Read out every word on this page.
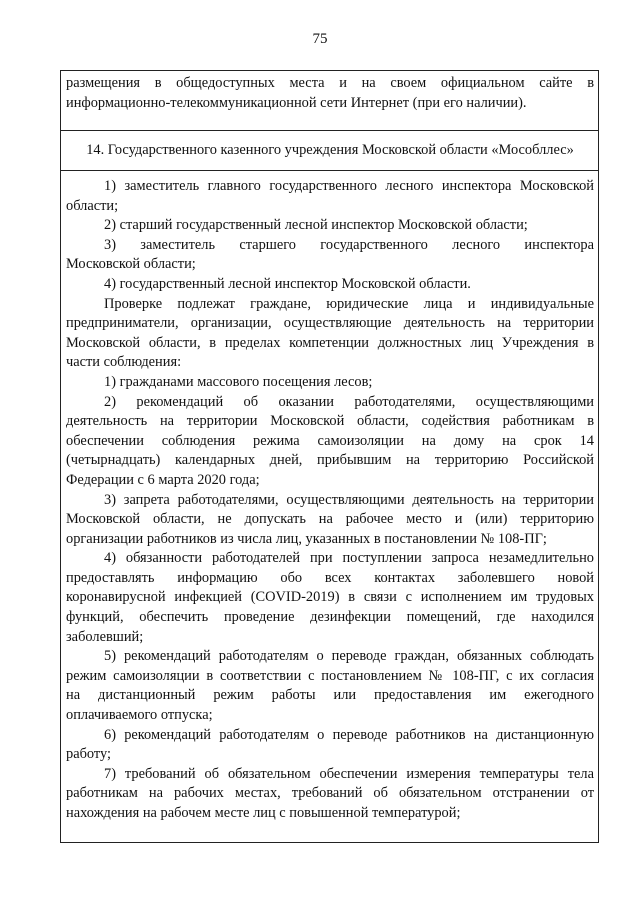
75
размещения в общедоступных места и на своем официальном сайте в
информационно-телекоммуникационной сети Интернет (при его наличии).
14. Государственного казенного учреждения Московской области «Мособллес»
1) заместитель главного государственного лесного инспектора Московской
области;
2) старший государственный лесной инспектор Московской области;
3) заместитель старшего государственного лесного инспектора
Московской области;
4) государственный лесной инспектор Московской области.
Проверке подлежат граждане, юридические лица и индивидуальные
предприниматели, организации, осуществляющие деятельность на территории
Московской области, в пределах компетенции должностных лиц Учреждения в
части соблюдения:
1) гражданами массового посещения лесов;
2) рекомендаций об оказании работодателями, осуществляющими
деятельность на территории Московской области, содействия работникам в
обеспечении соблюдения режима самоизоляции на дому на срок 14
(четырнадцать) календарных дней, прибывшим на территорию Российской
Федерации с 6 марта 2020 года;
3) запрета работодателями, осуществляющими деятельность на территории
Московской области, не допускать на рабочее место и (или) территорию
организации работников из числа лиц, указанных в постановлении № 108-ПГ;
4) обязанности работодателей при поступлении запроса незамедлительно
предоставлять информацию обо всех контактах заболевшего новой
коронавирусной инфекцией (COVID-2019) в связи с исполнением им трудовых
функций, обеспечить проведение дезинфекции помещений, где находился
заболевший;
5) рекомендаций работодателям о переводе граждан, обязанных соблюдать
режим самоизоляции в соответствии с постановлением № 108-ПГ, с их согласия
на дистанционный режим работы или предоставления им ежегодного
оплачиваемого отпуска;
6) рекомендаций работодателям о переводе работников на дистанционную
работу;
7) требований об обязательном обеспечении измерения температуры тела
работникам на рабочих местах, требований об обязательном отстранении от
нахождения на рабочем месте лиц с повышенной температурой;
